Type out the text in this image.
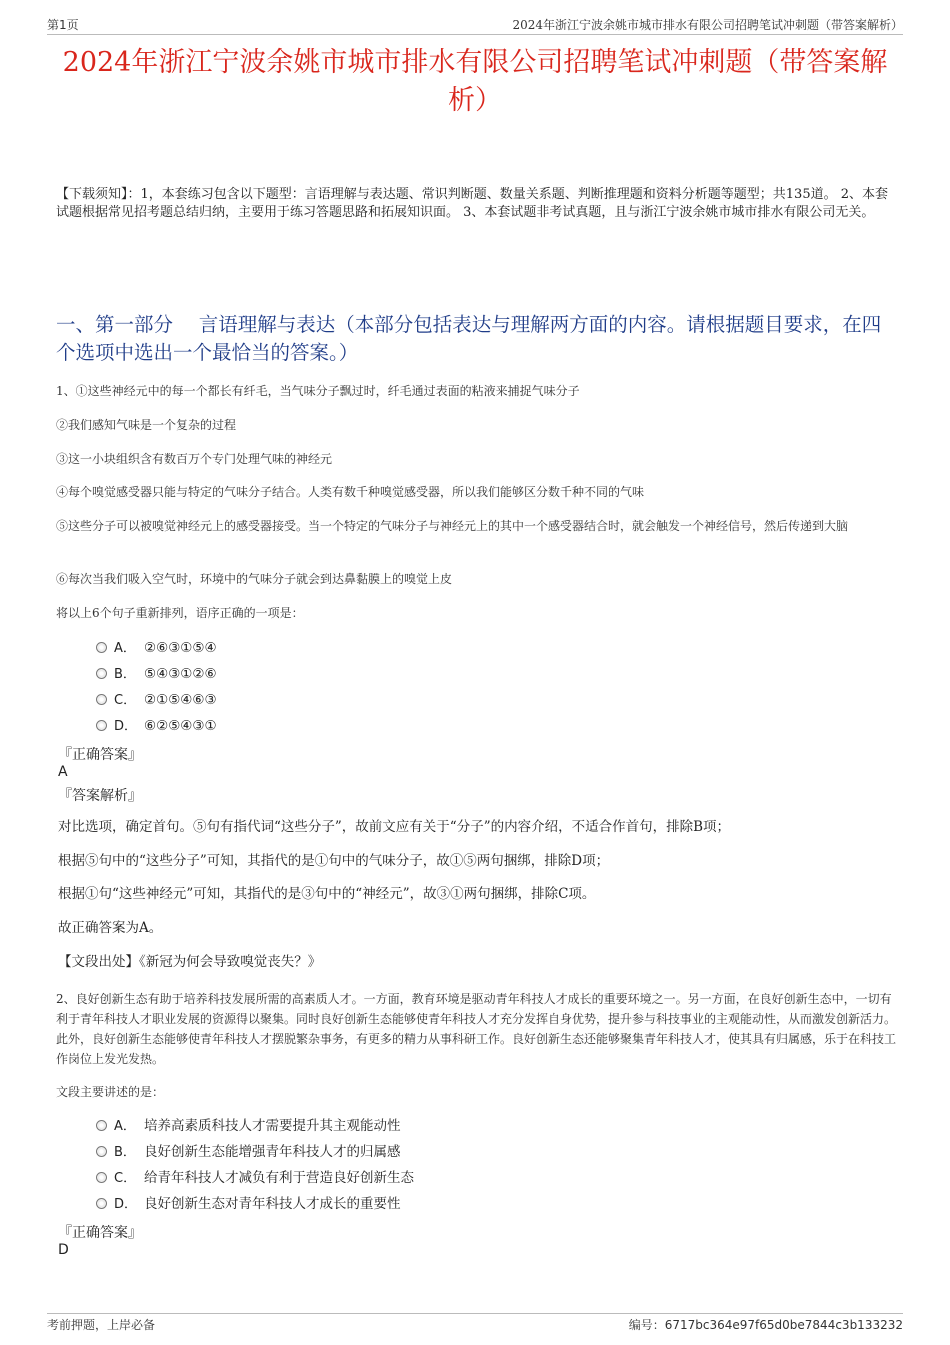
第1页	2024年浙江宁波余姚市城市排水有限公司招聘笔试冲刺题（带答案解析）
2024年浙江宁波余姚市城市排水有限公司招聘笔试冲刺题（带答案解析）
【下载须知】：1，本套练习包含以下题型：言语理解与表达题、常识判断题、数量关系题、判断推理题和资料分析题等题型；共135道。 2、本套试题根据常见招考题总结归纳，主要用于练习答题思路和拓展知识面。 3、本套试题非考试真题，且与浙江宁波余姚市城市排水有限公司无关。
一、第一部分　 言语理解与表达（本部分包括表达与理解两方面的内容。请根据题目要求，在四个选项中选出一个最恰当的答案。）
1、①这些神经元中的每一个都长有纤毛，当气味分子飘过时，纤毛通过表面的粘液来捕捉气味分子
②我们感知气味是一个复杂的过程
③这一小块组织含有数百万个专门处理气味的神经元
④每个嗅觉感受器只能与特定的气味分子结合。人类有数千种嗅觉感受器，所以我们能够区分数千种不同的气味
⑤这些分子可以被嗅觉神经元上的感受器接受。当一个特定的气味分子与神经元上的其中一个感受器结合时，就会触发一个神经信号，然后传递到大脑
⑥每次当我们吸入空气时，环境中的气味分子就会到达鼻黏膜上的嗅觉上皮
将以上6个句子重新排列，语序正确的一项是：
A． ②⑥③①⑤④
B． ⑤④③①②⑥
C． ②①⑤④⑥③
D． ⑥②⑤④③①
『正确答案』
A
『答案解析』
对比选项，确定首句。⑤句有指代词“这些分子”，故前文应有关于“分子”的内容介绍，不适合作首句，排除B项；
根据⑤句中的“这些分子”可知，其指代的是①句中的气味分子，故①⑤两句捆绑，排除D项；
根据①句“这些神经元”可知，其指代的是③句中的“神经元”，故③①两句捆绑，排除C项。
故正确答案为A。
【文段出处】《新冠为何会导致嗅觉丧失？》
2、良好创新生态有助于培养科技发展所需的高素质人才。一方面，教育环境是驱动青年科技人才成长的重要环境之一。另一方面，在良好创新生态中，一切有利于青年科技人才职业发展的资源得以聚集。同时良好创新生态能够使青年科技人才充分发挥自身优势，提升参与科技事业的主观能动性，从而激发创新活力。此外，良好创新生态能够使青年科技人才摆脱繁杂事务，有更多的精力从事科研工作。良好创新生态还能够聚集青年科技人才，使其具有归属感，乐于在科技工作岗位上发光发热。
文段主要讲述的是：
A． 培养高素质科技人才需要提升其主观能动性
B． 良好创新生态能增强青年科技人才的归属感
C． 给青年科技人才减负有利于营造良好创新生态
D． 良好创新生态对青年科技人才成长的重要性
『正确答案』
D
考前押题，上岸必备	编号：6717bc364e97f65d0be7844c3b133232
